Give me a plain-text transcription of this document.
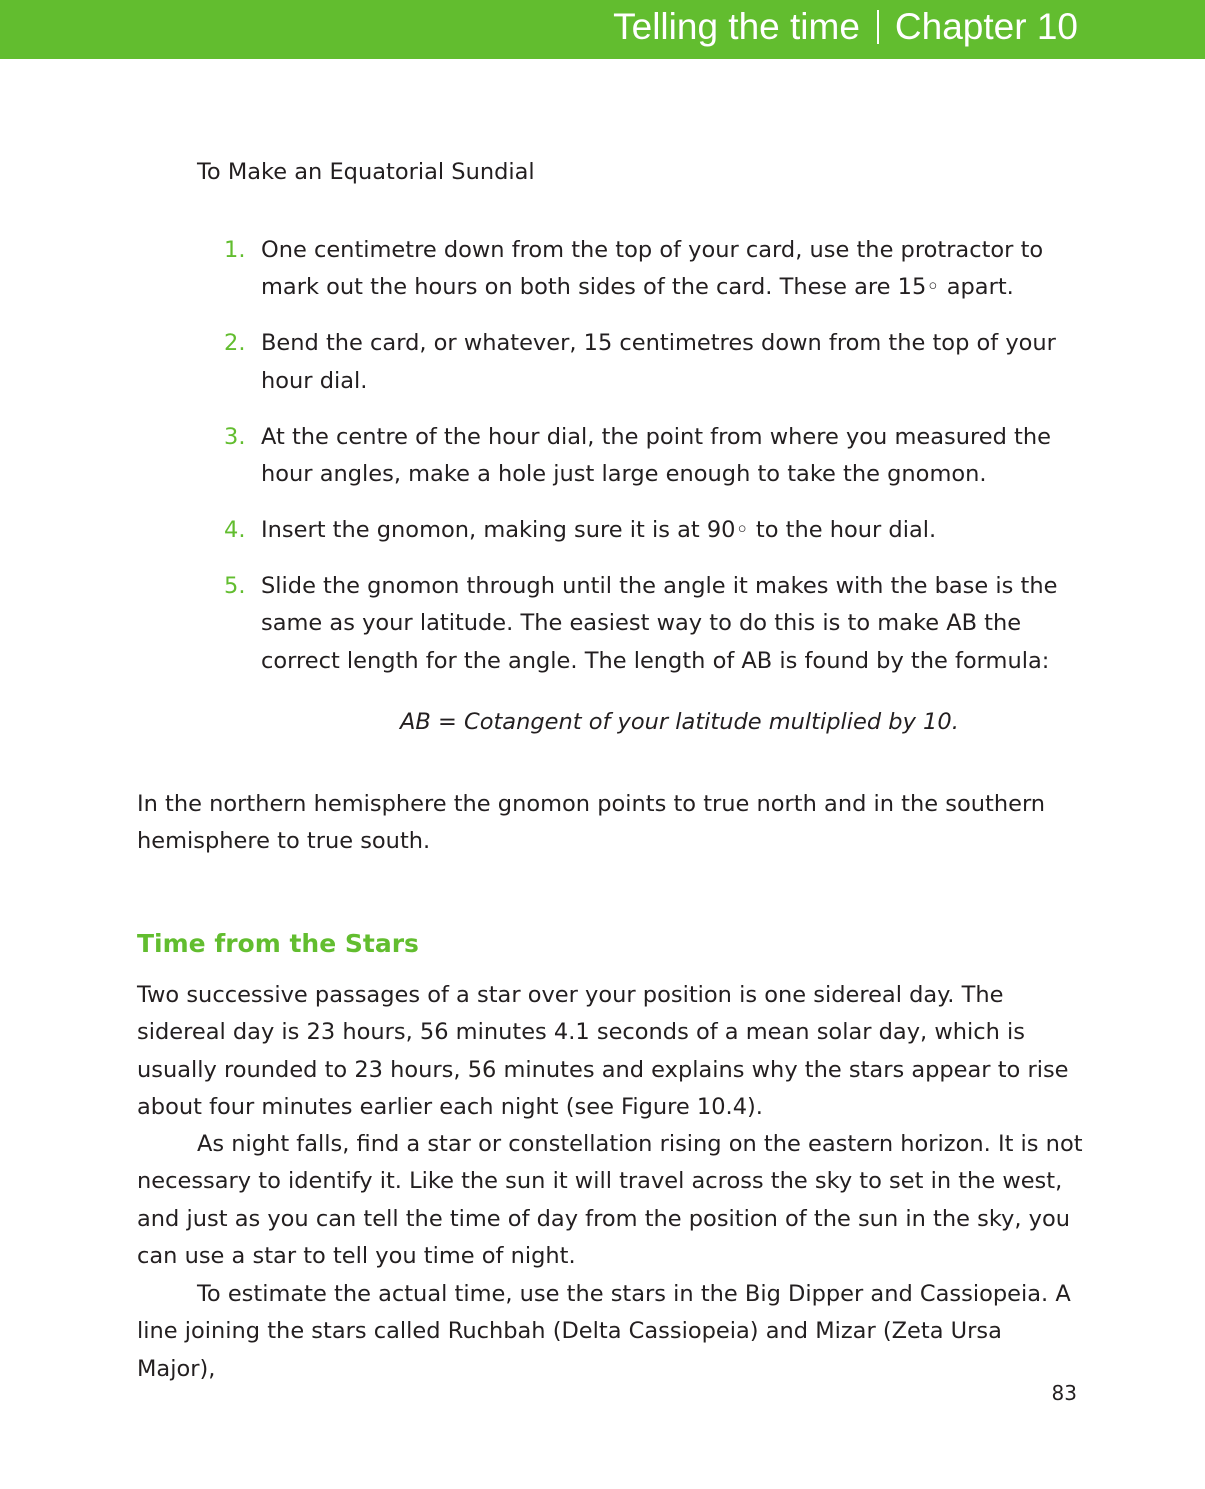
Telling the time Chapter 10
To Make an Equatorial Sundial
1. One centimetre down from the top of your card, use the protractor to mark out the hours on both sides of the card. These are 15◦ apart.
2. Bend the card, or whatever, 15 centimetres down from the top of your hour dial.
3. At the centre of the hour dial, the point from where you measured the hour angles, make a hole just large enough to take the gnomon.
4. Insert the gnomon, making sure it is at 90◦ to the hour dial.
5. Slide the gnomon through until the angle it makes with the base is the same as your latitude. The easiest way to do this is to make AB the correct length for the angle. The length of AB is found by the formula:
AB = Cotangent of your latitude multiplied by 10.
In the northern hemisphere the gnomon points to true north and in the southern hemisphere to true south.
Time from the Stars
Two successive passages of a star over your position is one sidereal day. The sidereal day is 23 hours, 56 minutes 4.1 seconds of a mean solar day, which is usually rounded to 23 hours, 56 minutes and explains why the stars appear to rise about four minutes earlier each night (see Figure 10.4).
As night falls, find a star or constellation rising on the eastern horizon. It is not necessary to identify it. Like the sun it will travel across the sky to set in the west, and just as you can tell the time of day from the position of the sun in the sky, you can use a star to tell you time of night.
To estimate the actual time, use the stars in the Big Dipper and Cassiopeia. A line joining the stars called Ruchbah (Delta Cassiopeia) and Mizar (Zeta Ursa Major),
83
